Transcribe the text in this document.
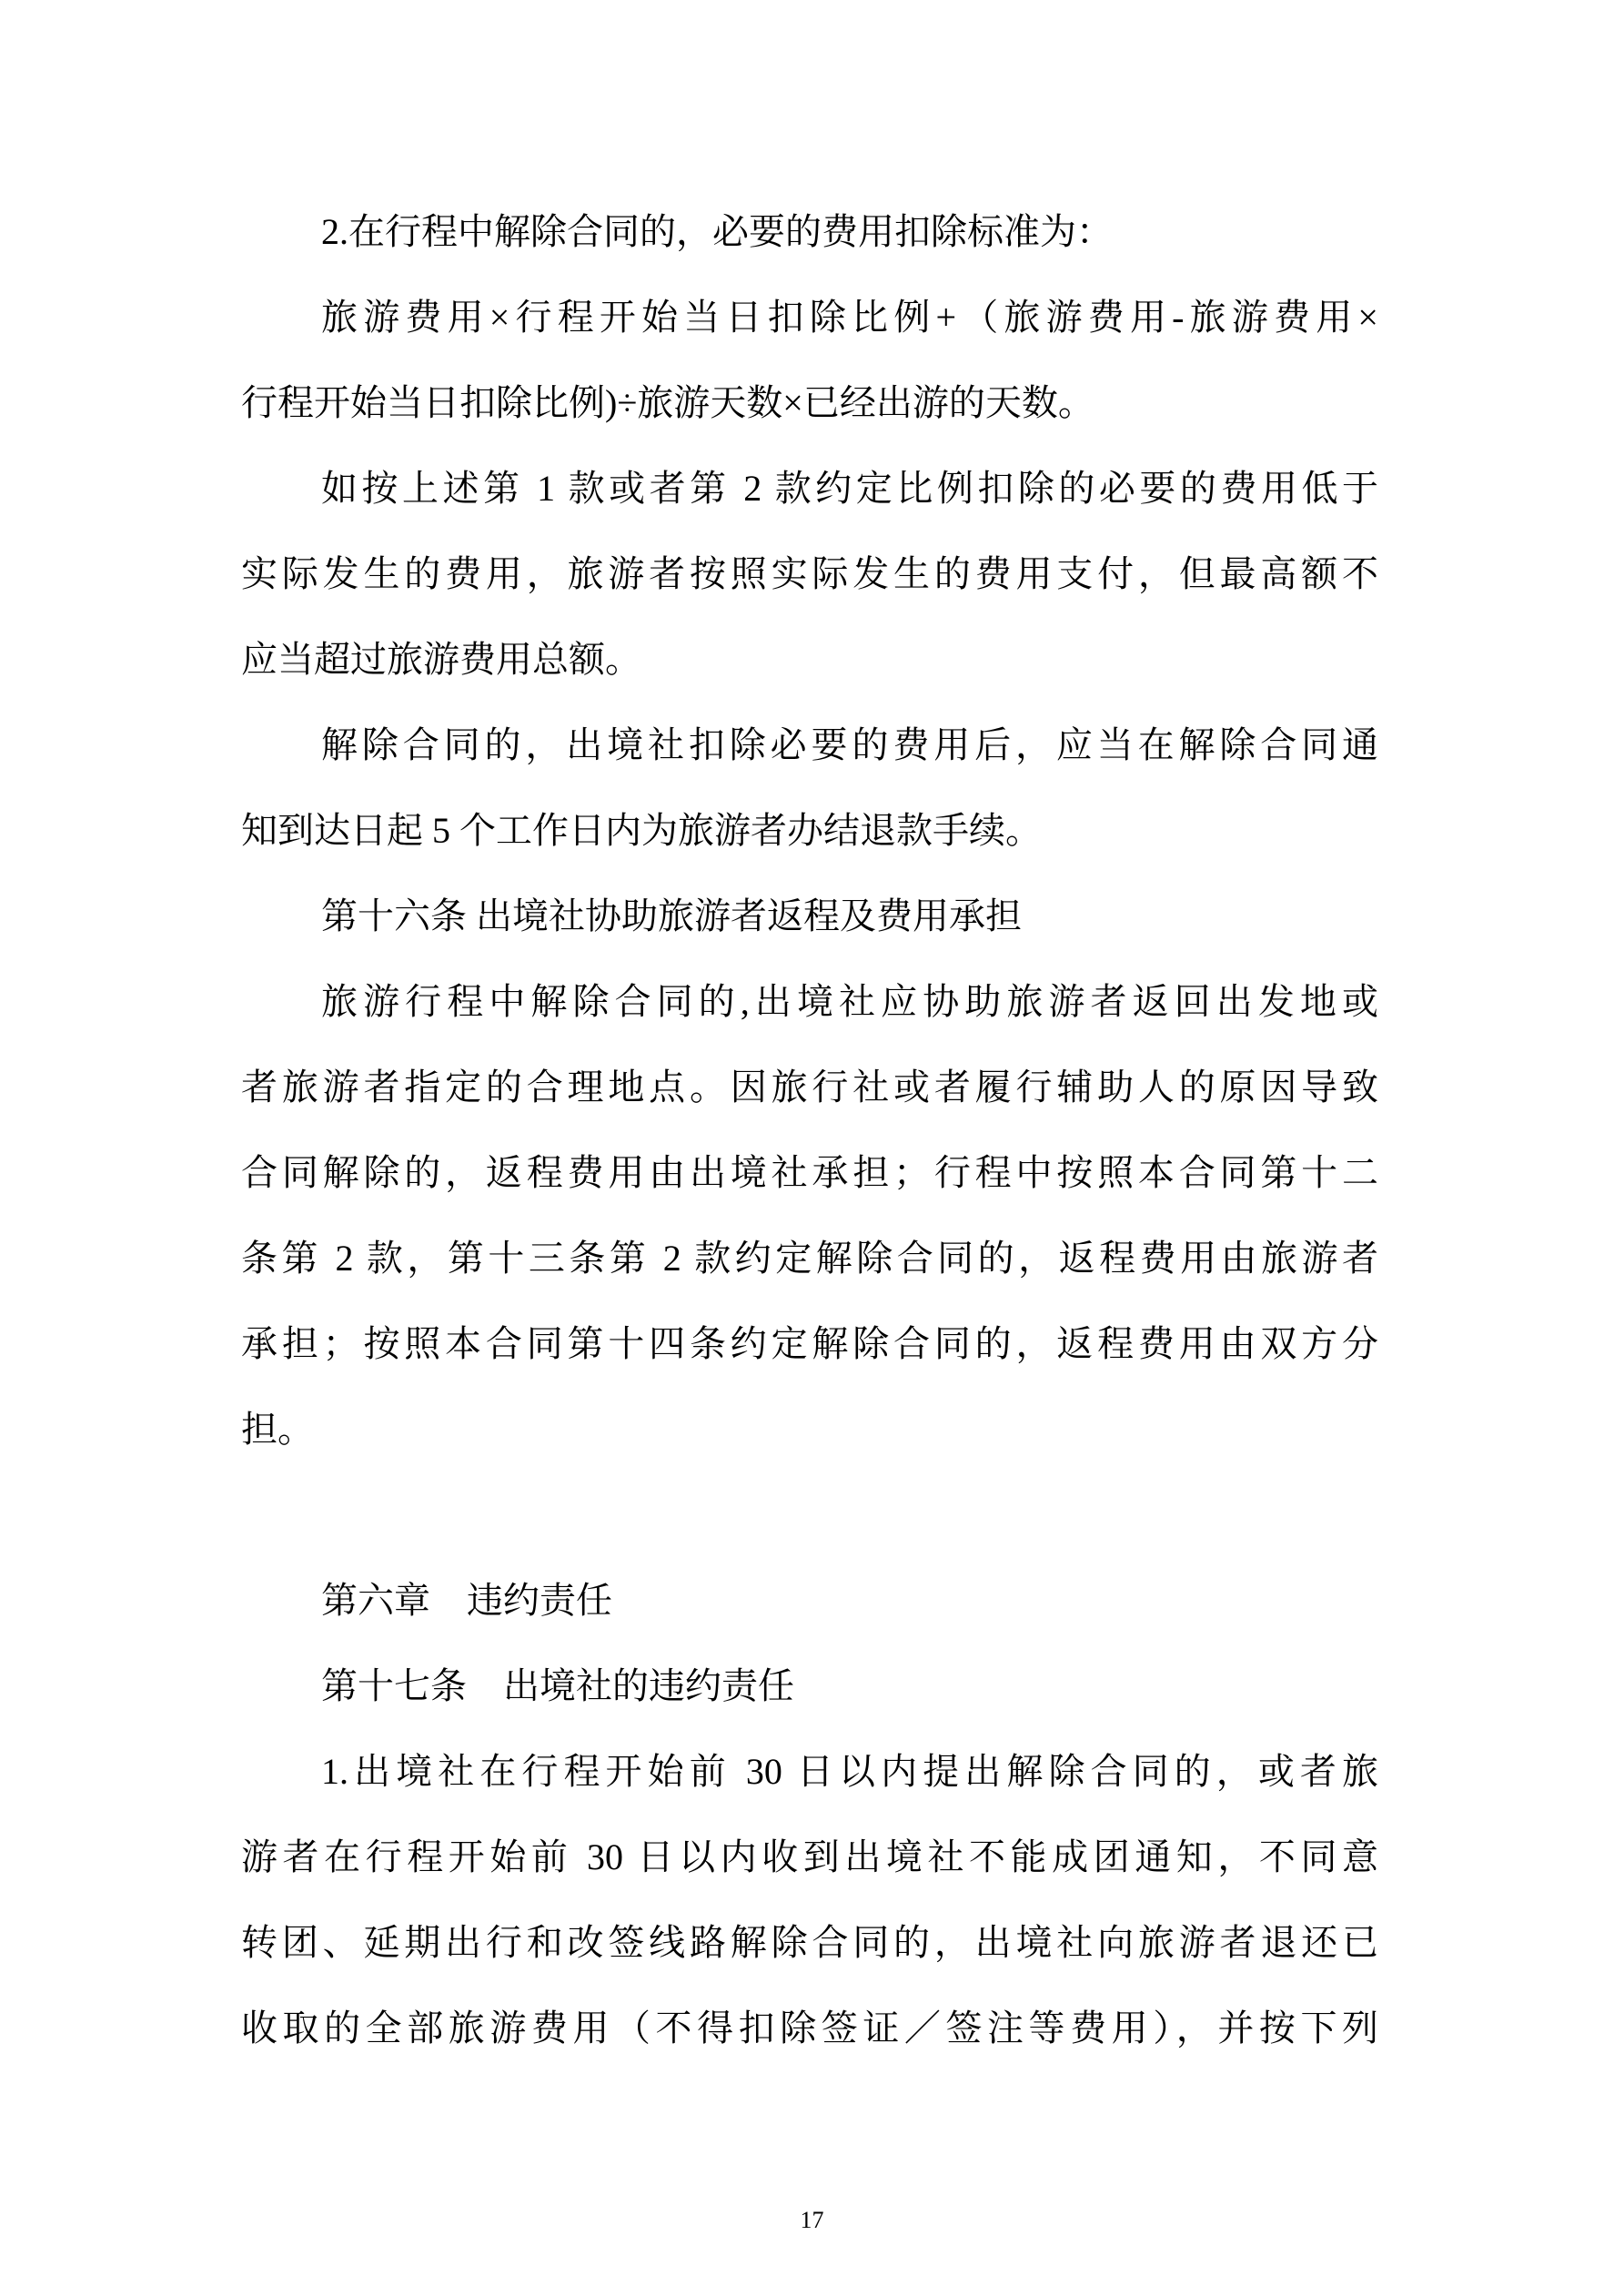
2.在行程中解除合同的，必要的费用扣除标准为：
旅游费用×行程开始当日扣除比例+（旅游费用-旅游费用×
行程开始当日扣除比例)÷旅游天数×已经出游的天数。
如按上述第 1 款或者第 2 款约定比例扣除的必要的费用低于
实际发生的费用，旅游者按照实际发生的费用支付，但最高额不
应当超过旅游费用总额。
解除合同的，出境社扣除必要的费用后，应当在解除合同通
知到达日起 5 个工作日内为旅游者办结退款手续。
第十六条 出境社协助旅游者返程及费用承担
旅游行程中解除合同的,出境社应协助旅游者返回出发地或
者旅游者指定的合理地点。因旅行社或者履行辅助人的原因导致
合同解除的，返程费用由出境社承担；行程中按照本合同第十二
条第 2 款，第十三条第 2 款约定解除合同的，返程费用由旅游者
承担；按照本合同第十四条约定解除合同的，返程费用由双方分
担。
第六章　违约责任
第十七条　出境社的违约责任
1.出境社在行程开始前 30 日以内提出解除合同的，或者旅
游者在行程开始前 30 日以内收到出境社不能成团通知，不同意
转团、延期出行和改签线路解除合同的，出境社向旅游者退还已
收取的全部旅游费用（不得扣除签证／签注等费用），并按下列
17
